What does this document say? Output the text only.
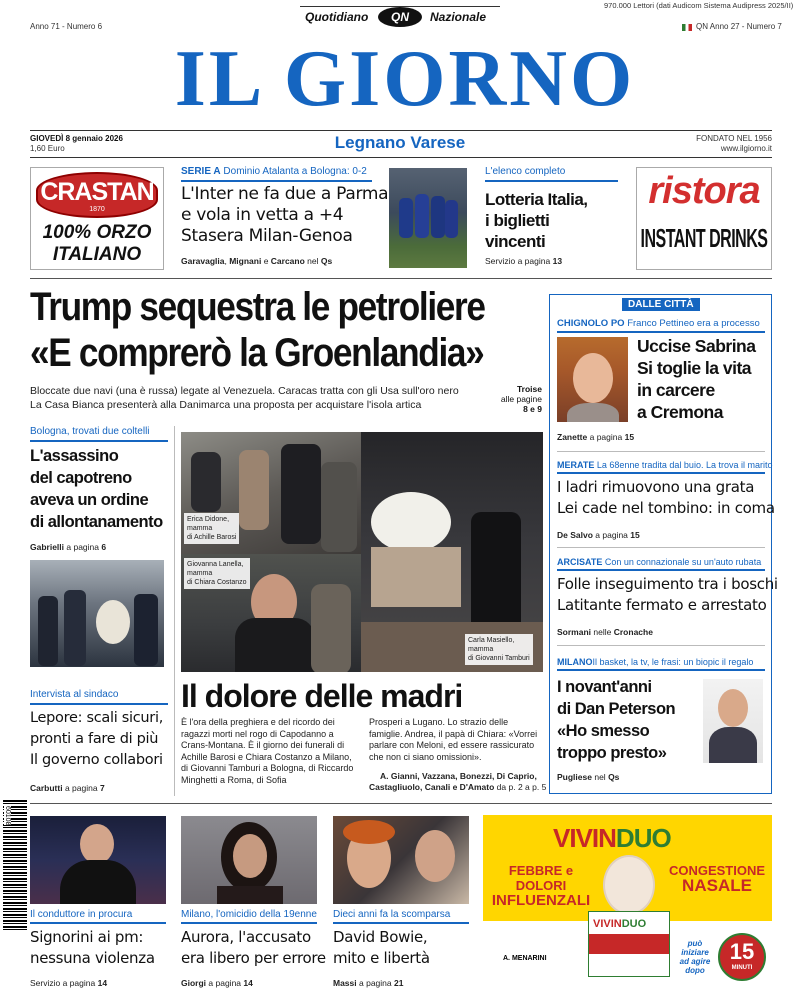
970.000 Lettori (dati Audicom Sistema Audipress 2025/II)
Anno 71 - Numero 6	QN Anno 27 - Numero 7
Quotidiano	QN	Nazionale
IL GIORNO
GIOVEDÌ 8 gennaio 2026
1,60 Euro	Legnano Varese	FONDATO NEL 1956
www.ilgiorno.it
CRASTAN
1870
100% ORZO
ITALIANO
SERIE A Dominio Atalanta a Bologna: 0-2
L'Inter ne fa due a Parma
e vola in vetta a +4
Stasera Milan-Genoa
Garavaglia, Mignani e Carcano nel Qs
L'elenco completo
Lotteria Italia,
i biglietti
vincenti
Servizio a pagina 13
ristora
INSTANT DRINKS
Trump sequestra le petroliere
«E comprerò la Groenlandia»
Bloccate due navi (una è russa) legate al Venezuela. Caracas tratta con gli Usa sull'oro nero
La Casa Bianca presenterà alla Danimarca una proposta per acquistare l'isola artica
Troise
alle pagine
8 e 9
DALLE CITTÀ
CHIGNOLO PO Franco Pettineo era a processo
Uccise Sabrina
Si toglie la vita
in carcere
a Cremona
Zanette a pagina 15
MERATE La 68enne tradita dal buio. La trova il marito
I ladri rimuovono una grata
Lei cade nel tombino: in coma
De Salvo a pagina 15
ARCISATE Con un connazionale su un'auto rubata
Folle inseguimento tra i boschi
Latitante fermato e arrestato
Sormani nelle Cronache
MILANOIl basket, la tv, le frasi: un biopic il regalo
I novant'anni
di Dan Peterson
«Ho smesso
troppo presto»
Pugliese nel Qs
Bologna, trovati due coltelli
L'assassino
del capotreno
aveva un ordine
di allontanamento
Gabrielli a pagina 6
Intervista al sindaco
Lepore: scali sicuri,
pronti a fare di più
Il governo collabori
Carbutti a pagina 7
Erica Didone,
mamma
di Achille Barosi
Giovanna Lanella,
mamma
di Chiara Costanzo
Carla Masiello,
mamma
di Giovanni Tamburi
Il dolore delle madri
È l'ora della preghiera e del ricordo dei ragazzi morti nel rogo di Capodanno a Crans-Montana. È il giorno dei funerali di Achille Barosi e Chiara Costanzo a Milano, di Giovanni Tamburi a Bologna, di Riccardo Minghetti a Roma, di Sofia
Prosperi a Lugano. Lo strazio delle famiglie. Andrea, il papà di Chiara: «Vorrei parlare con Meloni, ed essere rassicurato che non ci siano omissioni».
A. Gianni, Vazzana, Bonezzi, Di Caprio,
Castagliuolo, Canali e D'Amato da p. 2 a p. 5
60108
Il conduttore in procura
Signorini ai pm:
nessuna violenza
Servizio a pagina 14
Milano, l'omicidio della 19enne
Aurora, l'accusato
era libero per errore
Giorgi a pagina 14
Dieci anni fa la scomparsa
David Bowie,
mito e libertà
Massi a pagina 21
VIVINDUO
FEBBRE e DOLORI
INFLUENZALI
CONGESTIONE
NASALE
VIVINDUO
A. MENARINI
può
iniziare
ad agire
dopo
15
MINUTI
